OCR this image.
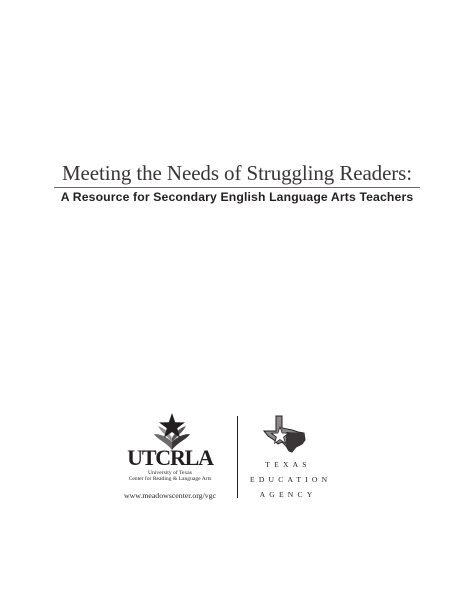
Meeting the Needs of Struggling Readers:
A Resource for Secondary English Language Arts Teachers
UTCRLA
University of Texas
Center for Reading & Language Arts
www.meadowscenter.org/vgc
TEXAS
EDUCATION
AGENCY
